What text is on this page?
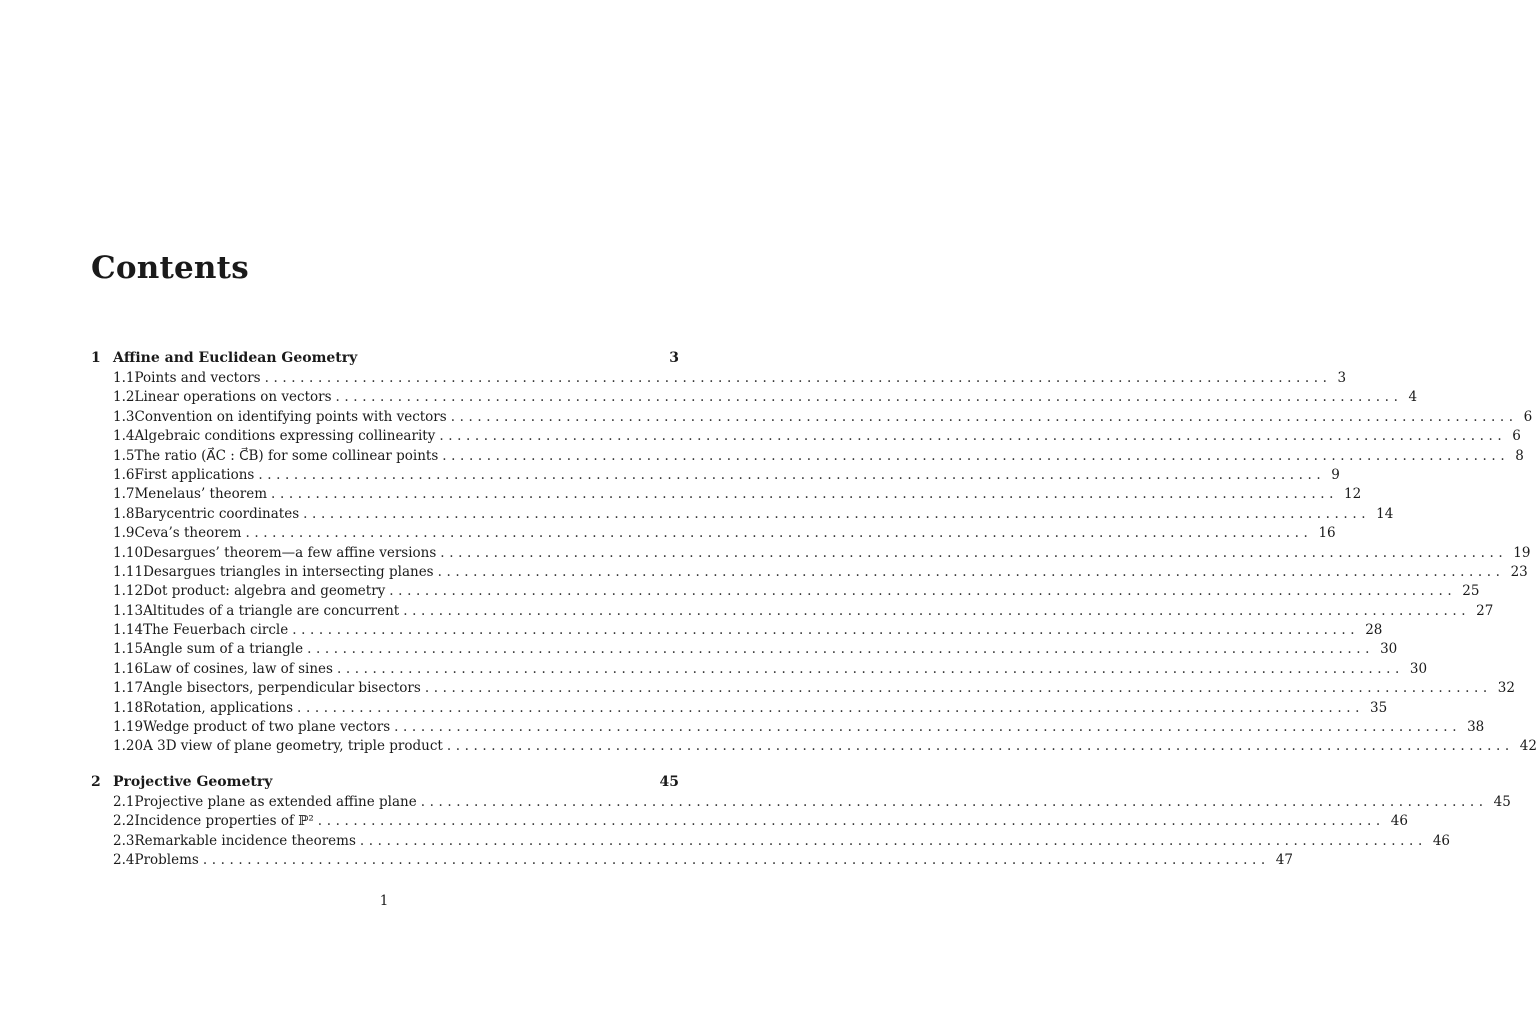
Contents
1 Affine and Euclidean Geometry	3
1.1 Points and vectors ........................................................................................................................ 3
1.2 Linear operations on vectors ........................................................................................................................ 4
1.3 Convention on identifying points with vectors ........................................................................................................................ 6
1.4 Algebraic conditions expressing collinearity ........................................................................................................................ 6
1.5 The ratio (A⃗C : C⃗B) for some collinear points ........................................................................................................................ 8
1.6 First applications ........................................................................................................................ 9
1.7 Menelaus’ theorem ........................................................................................................................ 12
1.8 Barycentric coordinates ........................................................................................................................ 14
1.9 Ceva’s theorem ........................................................................................................................ 16
1.10 Desargues’ theorem—a few affine versions ........................................................................................................................ 19
1.11 Desargues triangles in intersecting planes ........................................................................................................................ 23
1.12 Dot product: algebra and geometry ........................................................................................................................ 25
1.13 Altitudes of a triangle are concurrent ........................................................................................................................ 27
1.14 The Feuerbach circle ........................................................................................................................ 28
1.15 Angle sum of a triangle ........................................................................................................................ 30
1.16 Law of cosines, law of sines ........................................................................................................................ 30
1.17 Angle bisectors, perpendicular bisectors ........................................................................................................................ 32
1.18 Rotation, applications ........................................................................................................................ 35
1.19 Wedge product of two plane vectors ........................................................................................................................ 38
1.20 A 3D view of plane geometry, triple product ........................................................................................................................ 42
2 Projective Geometry	45
2.1 Projective plane as extended affine plane ........................................................................................................................ 45
2.2 Incidence properties of ℙ² ........................................................................................................................ 46
2.3 Remarkable incidence theorems ........................................................................................................................ 46
2.4 Problems ........................................................................................................................ 47
1
